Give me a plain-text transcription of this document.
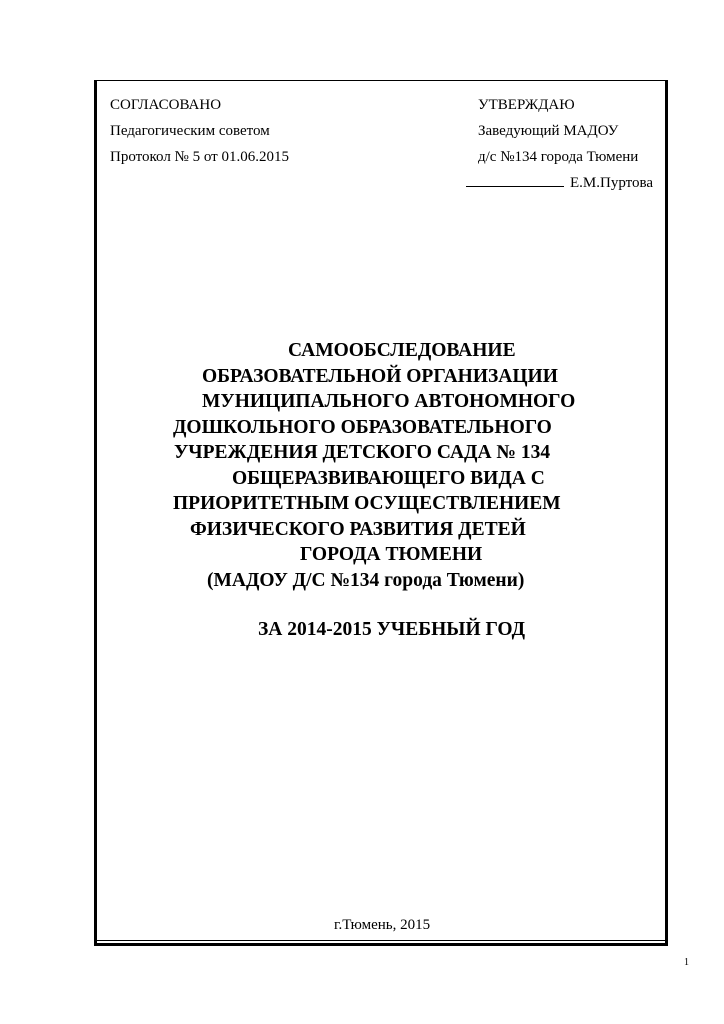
СОГЛАСОВАНО
Педагогическим советом
Протокол № 5 от 01.06.2015
УТВЕРЖДАЮ
Заведующий МАДОУ
д/с №134 города Тюмени
Е.М.Пуртова
САМООБСЛЕДОВАНИЕ
ОБРАЗОВАТЕЛЬНОЙ ОРГАНИЗАЦИИ
МУНИЦИПАЛЬНОГО АВТОНОМНОГО
ДОШКОЛЬНОГО ОБРАЗОВАТЕЛЬНОГО
УЧРЕЖДЕНИЯ ДЕТСКОГО САДА № 134
ОБЩЕРАЗВИВАЮЩЕГО ВИДА С
ПРИОРИТЕТНЫМ ОСУЩЕСТВЛЕНИЕМ
ФИЗИЧЕСКОГО РАЗВИТИЯ ДЕТЕЙ
ГОРОДА ТЮМЕНИ
(МАДОУ Д/С №134 города Тюмени)
ЗА 2014-2015 УЧЕБНЫЙ ГОД
г.Тюмень, 2015
1
